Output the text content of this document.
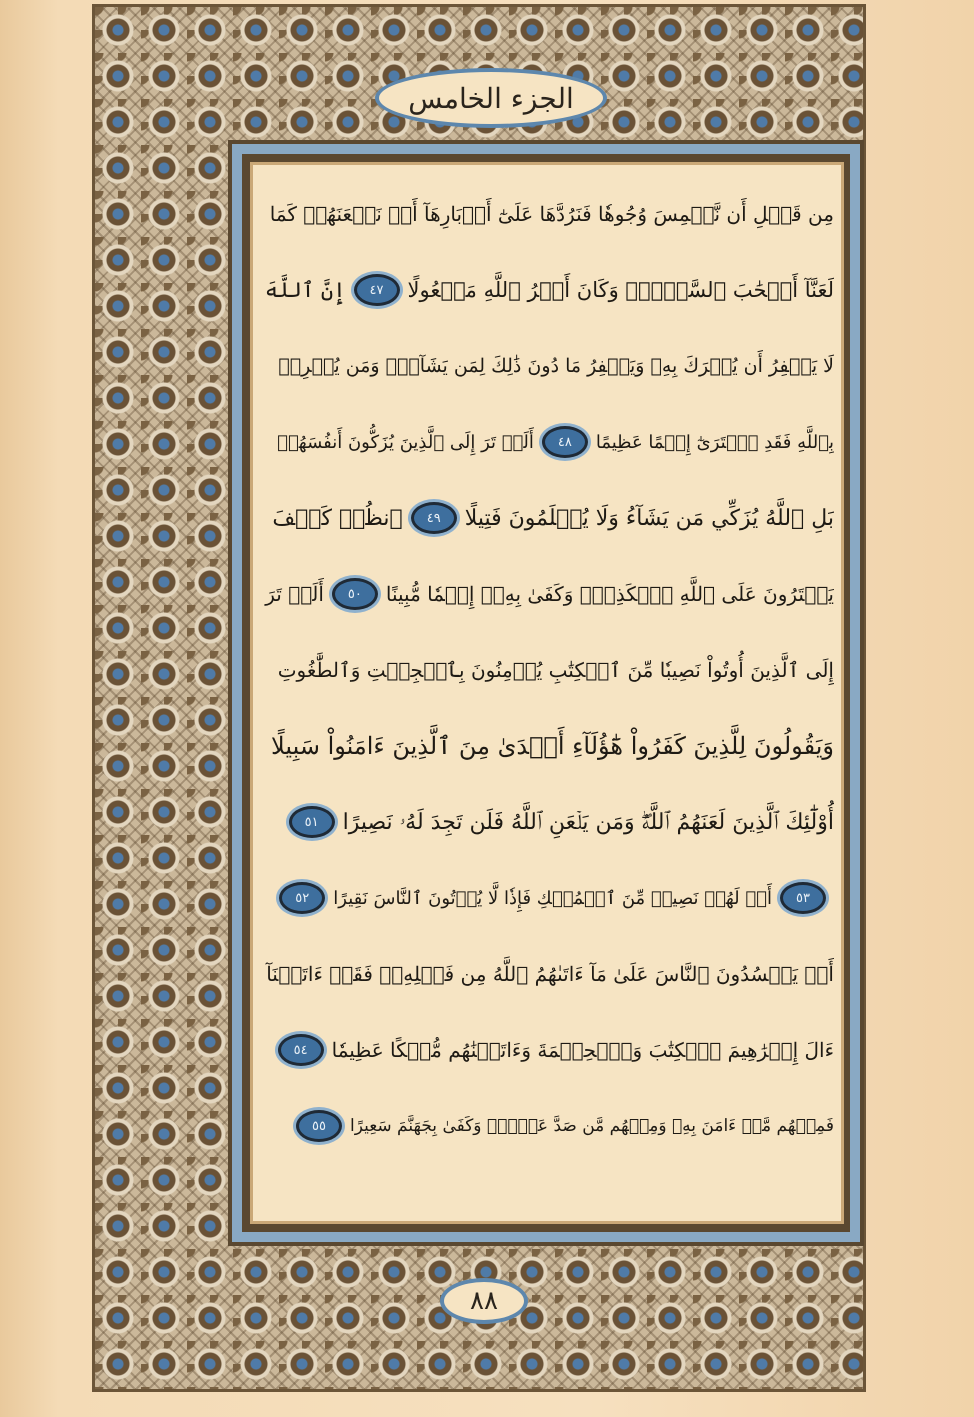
الجزء الخامس
مِن قَبۡلِ أَن نَّطۡمِسَ وُجُوهٗا فَنَرُدَّهَا عَلَىٰٓ أَدۡبَارِهَآ أَوۡ نَلۡعَنَهُمۡ كَمَا
لَعَنَّآ أَصۡحَٰبَ ٱلسَّبۡتِۚ وَكَانَ أَمۡرُ ٱللَّهِ مَفۡعُولًا
٤٧
إِنَّ ٱللَّهَ
لَا يَغۡفِرُ أَن يُشۡرَكَ بِهِۦ وَيَغۡفِرُ مَا دُونَ ذَٰلِكَ لِمَن يَشَآءُۚ وَمَن يُشۡرِكۡ
بِٱللَّهِ فَقَدِ ٱفۡتَرَىٰٓ إِثۡمًا عَظِيمًا
٤٨
أَلَمۡ تَرَ إِلَى ٱلَّذِينَ يُزَكُّونَ أَنفُسَهُمۚ
بَلِ ٱللَّهُ يُزَكِّي مَن يَشَآءُ وَلَا يُظۡلَمُونَ فَتِيلًا
٤٩
ٱنظُرۡ كَيۡفَ
يَفۡتَرُونَ عَلَى ٱللَّهِ ٱلۡكَذِبَۖ وَكَفَىٰ بِهِۦٓ إِثۡمٗا مُّبِينًا
٥٠
أَلَمۡ تَرَ
إِلَى ٱلَّذِينَ أُوتُواْ نَصِيبٗا مِّنَ ٱلۡكِتَٰبِ يُؤۡمِنُونَ بِٱلۡجِبۡتِ وَٱلطَّٰغُوتِ
وَيَقُولُونَ لِلَّذِينَ كَفَرُواْ هَٰٓؤُلَآءِ أَهۡدَىٰ مِنَ ٱلَّذِينَ ءَامَنُواْ سَبِيلًا
أُوْلَٰٓئِكَ ٱلَّذِينَ لَعَنَهُمُ ٱللَّهُۖ وَمَن يَلۡعَنِ ٱللَّهُ فَلَن تَجِدَ لَهُۥ نَصِيرًا
٥١
٥٣
أَمۡ لَهُمۡ نَصِيبٞ مِّنَ ٱلۡمُلۡكِ فَإِذٗا لَّا يُؤۡتُونَ ٱلنَّاسَ نَقِيرًا
٥٢
أَمۡ يَحۡسُدُونَ ٱلنَّاسَ عَلَىٰ مَآ ءَاتَىٰهُمُ ٱللَّهُ مِن فَضۡلِهِۦۖ فَقَدۡ ءَاتَيۡنَآ
ءَالَ إِبۡرَٰهِيمَ ٱلۡكِتَٰبَ وَٱلۡحِكۡمَةَ وَءَاتَيۡنَٰهُم مُّلۡكًا عَظِيمٗا
٥٤
فَمِنۡهُم مَّنۡ ءَامَنَ بِهِۦ وَمِنۡهُم مَّن صَدَّ عَنۡهُۚ وَكَفَىٰ بِجَهَنَّمَ سَعِيرًا
٥٥
٨٨
